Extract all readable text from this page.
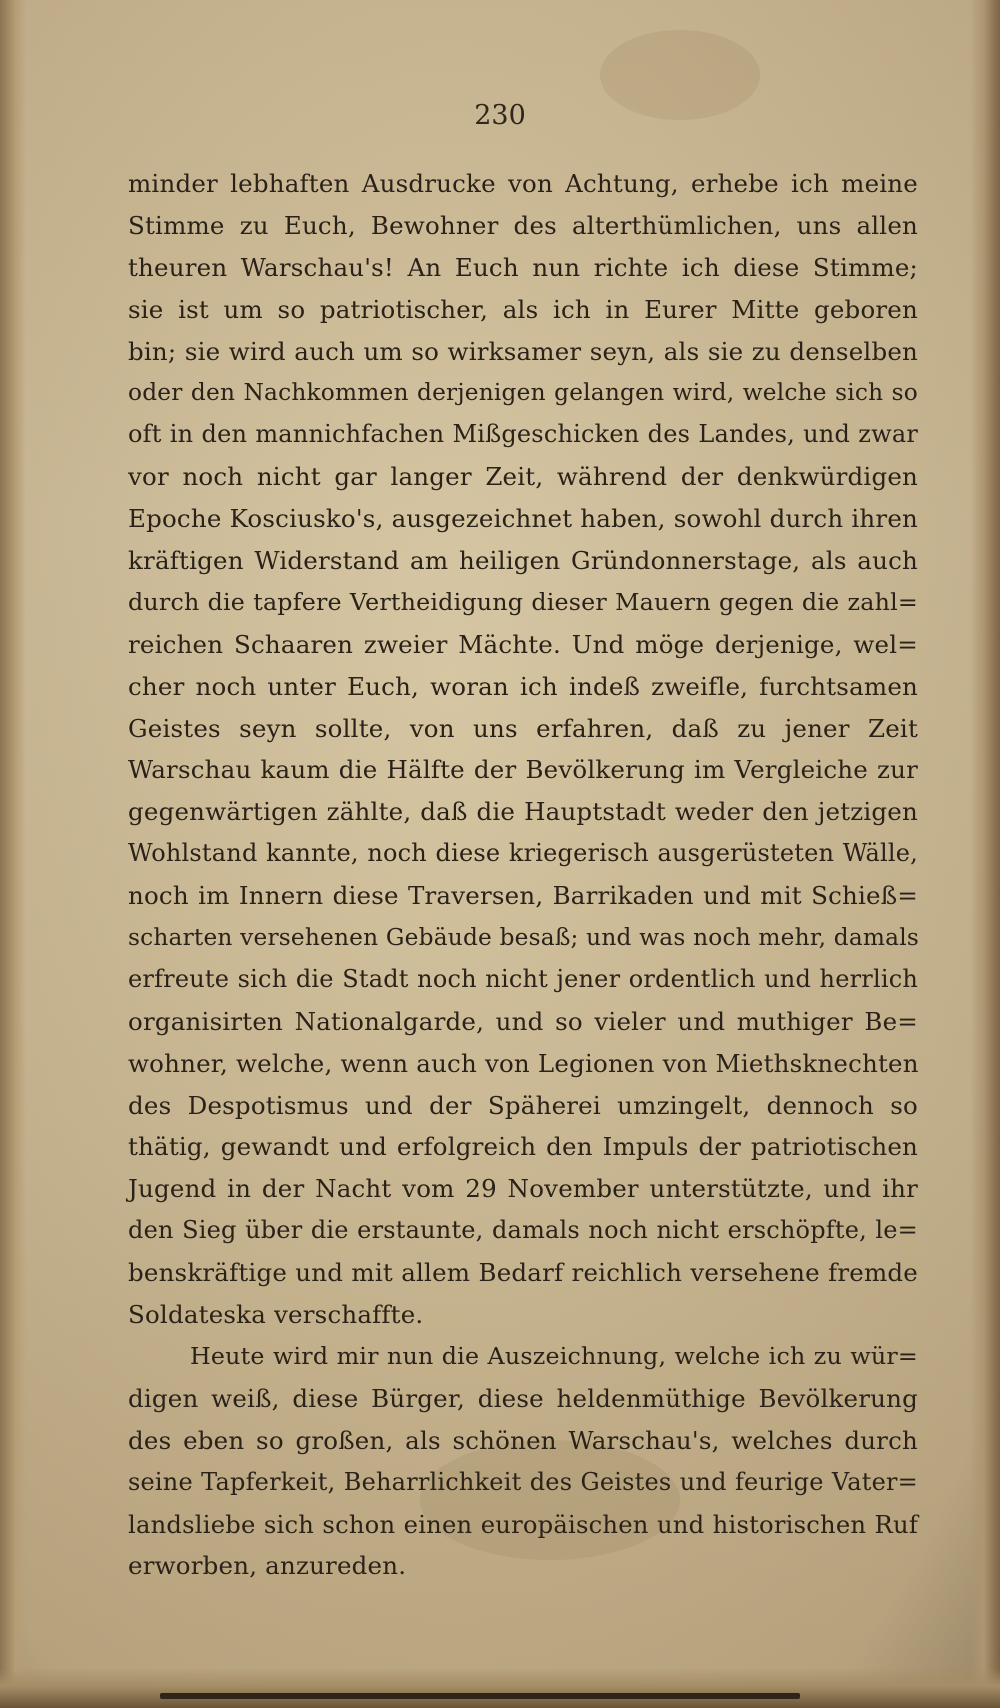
230

minder lebhaften Ausdrucke von Achtung, erhebe ich meine
Stimme zu Euch, Bewohner des alterthümlichen, uns allen
theuren Warschau's! An Euch nun richte ich diese Stimme;
sie ist um so patriotischer, als ich in Eurer Mitte geboren
bin; sie wird auch um so wirksamer seyn, als sie zu denselben
oder den Nachkommen derjenigen gelangen wird, welche sich so
oft in den mannichfachen Mißgeschicken des Landes, und zwar
vor noch nicht gar langer Zeit, während der denkwürdigen
Epoche Kosciusko's, ausgezeichnet haben, sowohl durch ihren
kräftigen Widerstand am heiligen Gründonnerstage, als auch
durch die tapfere Vertheidigung dieser Mauern gegen die zahl=
reichen Schaaren zweier Mächte. Und möge derjenige, wel=
cher noch unter Euch, woran ich indeß zweifle, furchtsamen
Geistes seyn sollte, von uns erfahren, daß zu jener Zeit
Warschau kaum die Hälfte der Bevölkerung im Vergleiche zur
gegenwärtigen zählte, daß die Hauptstadt weder den jetzigen
Wohlstand kannte, noch diese kriegerisch ausgerüsteten Wälle,
noch im Innern diese Traversen, Barrikaden und mit Schieß=
scharten versehenen Gebäude besaß; und was noch mehr, damals
erfreute sich die Stadt noch nicht jener ordentlich und herrlich
organisirten Nationalgarde, und so vieler und muthiger Be=
wohner, welche, wenn auch von Legionen von Miethsknechten
des Despotismus und der Späherei umzingelt, dennoch so
thätig, gewandt und erfolgreich den Impuls der patriotischen
Jugend in der Nacht vom 29 November unterstützte, und ihr
den Sieg über die erstaunte, damals noch nicht erschöpfte, le=
benskräftige und mit allem Bedarf reichlich versehene fremde
Soldateska verschaffte.
Heute wird mir nun die Auszeichnung, welche ich zu wür=
digen weiß, diese Bürger, diese heldenmüthige Bevölkerung
des eben so großen, als schönen Warschau's, welches durch
seine Tapferkeit, Beharrlichkeit des Geistes und feurige Vater=
landsliebe sich schon einen europäischen und historischen Ruf
erworben, anzureden.
